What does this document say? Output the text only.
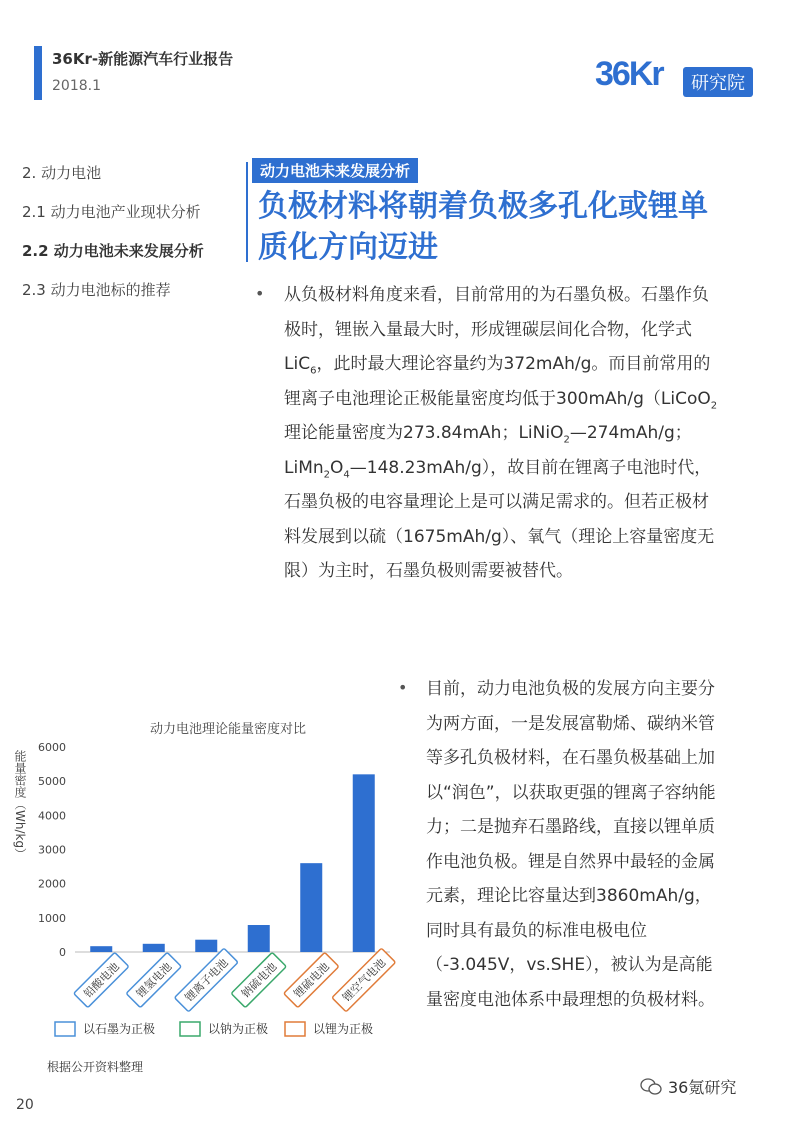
36Kr-新能源汽车行业报告
2018.1	36Kr	研究院
2. 动力电池
2.1 动力电池产业现状分析
2.2 动力电池未来发展分析
2.3 动力电池标的推荐
动力电池未来发展分析
负极材料将朝着负极多孔化或锂单质化方向迈进
• 从负极材料角度来看，目前常用的为石墨负极。石墨作负极时，锂嵌入量最大时，形成锂碳层间化合物，化学式LiC$_6$，此时最大理论容量约为372mAh/g。而目前常用的锂离子电池理论正极能量密度均低于300mAh/g（LiCoO$_2$理论能量密度为273.84mAh；LiNiO$_2$—274mAh/g；$LiMn_2O_4—148.23mAh/g$），故目前在锂离子电池时代，石墨负极的电容量理论上是可以满足需求的。但若正极材料发展到以硫（1675mAh/g）、氧气（理论上容量密度无限）为主时，石墨负极则需要被替代。
• 目前，动力电池负极的发展方向主要分为两方面，一是发展富勒烯、碳纳米管等多孔负极材料，在石墨负极基础上加以“润色”，以获取更强的锂离子容纳能力；二是抛弃石墨路线，直接以锂单质作电池负极。锂是自然界中最轻的金属元素，理论比容量达到3860mAh/g，同时具有最负的标准电极电位（-3.045V，vs.SHE），被认为是高能量密度电池体系中最理想的负极材料。
动力电池理论能量密度对比
能量密度（Wh/kg）
0
1000
2000
3000
4000
5000
6000
铅酸电池 锂氢电池 锂离子电池 钠硫电池 锂硫电池 锂空气电池
以石墨为正极	以钠为正极	以锂为正极
根据公开资料整理
20
36氪研究
